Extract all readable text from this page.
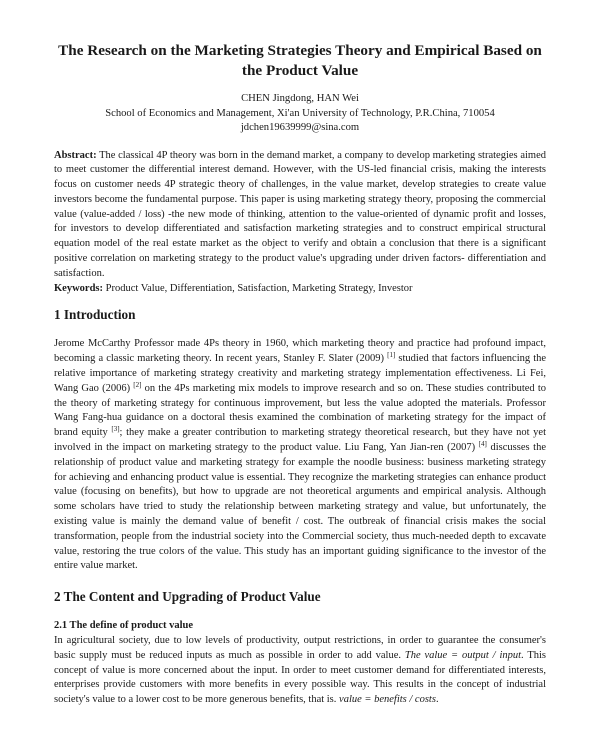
The Research on the Marketing Strategies Theory and Empirical Based on the Product Value
CHEN Jingdong, HAN Wei
School of Economics and Management, Xi'an University of Technology, P.R.China, 710054
jdchen19639999@sina.com
Abstract: The classical 4P theory was born in the demand market, a company to develop marketing strategies aimed to meet customer the differential interest demand. However, with the US-led financial crisis, making the interests focus on customer needs 4P strategic theory of challenges, in the value market, develop strategies to create value investors become the fundamental purpose. This paper is using marketing strategy theory, proposing the commercial value (value-added / loss) -the new mode of thinking, attention to the value-oriented of dynamic profit and losses, for investors to develop differentiated and satisfaction marketing strategies and to construct empirical structural equation model of the real estate market as the object to verify and obtain a conclusion that there is a significant positive correlation on marketing strategy to the product value's upgrading under driven factors- differentiation and satisfaction.
Keywords: Product Value, Differentiation, Satisfaction, Marketing Strategy, Investor
1 Introduction
Jerome McCarthy Professor made 4Ps theory in 1960, which marketing theory and practice had profound impact, becoming a classic marketing theory. In recent years, Stanley F. Slater (2009) [1] studied that factors influencing the relative importance of marketing strategy creativity and marketing strategy implementation effectiveness. Li Fei, Wang Gao (2006) [2] on the 4Ps marketing mix models to improve research and so on. These studies contributed to the theory of marketing strategy for continuous improvement, but less the value adopted the materials. Professor Wang Fang-hua guidance on a doctoral thesis examined the combination of marketing strategy for the impact of brand equity [3]; they make a greater contribution to marketing strategy theoretical research, but they have not yet involved in the impact on marketing strategy to the product value. Liu Fang, Yan Jian-ren (2007) [4] discusses the relationship of product value and marketing strategy for example the noodle business: business marketing strategy for achieving and enhancing product value is essential. They recognize the marketing strategies can enhance product value (focusing on benefits), but how to upgrade are not theoretical arguments and empirical analysis. Although some scholars have tried to study the relationship between marketing strategy and value, but unfortunately, the existing value is mainly the demand value of benefit / cost. The outbreak of financial crisis makes the social transformation, people from the industrial society into the Commercial society, thus much-needed depth to excavate value, restoring the true colors of the value. This study has an important guiding significance to the investor of the entire value market.
2 The Content and Upgrading of Product Value
2.1 The define of product value
In agricultural society, due to low levels of productivity, output restrictions, in order to guarantee the consumer's basic supply must be reduced inputs as much as possible in order to add value. The value = output / input. This concept of value is more concerned about the input. In order to meet customer demand for differentiated interests, enterprises provide customers with more benefits in every possible way. This results in the concept of industrial society's value to a lower cost to be more generous benefits, that is. value = benefits / costs.
